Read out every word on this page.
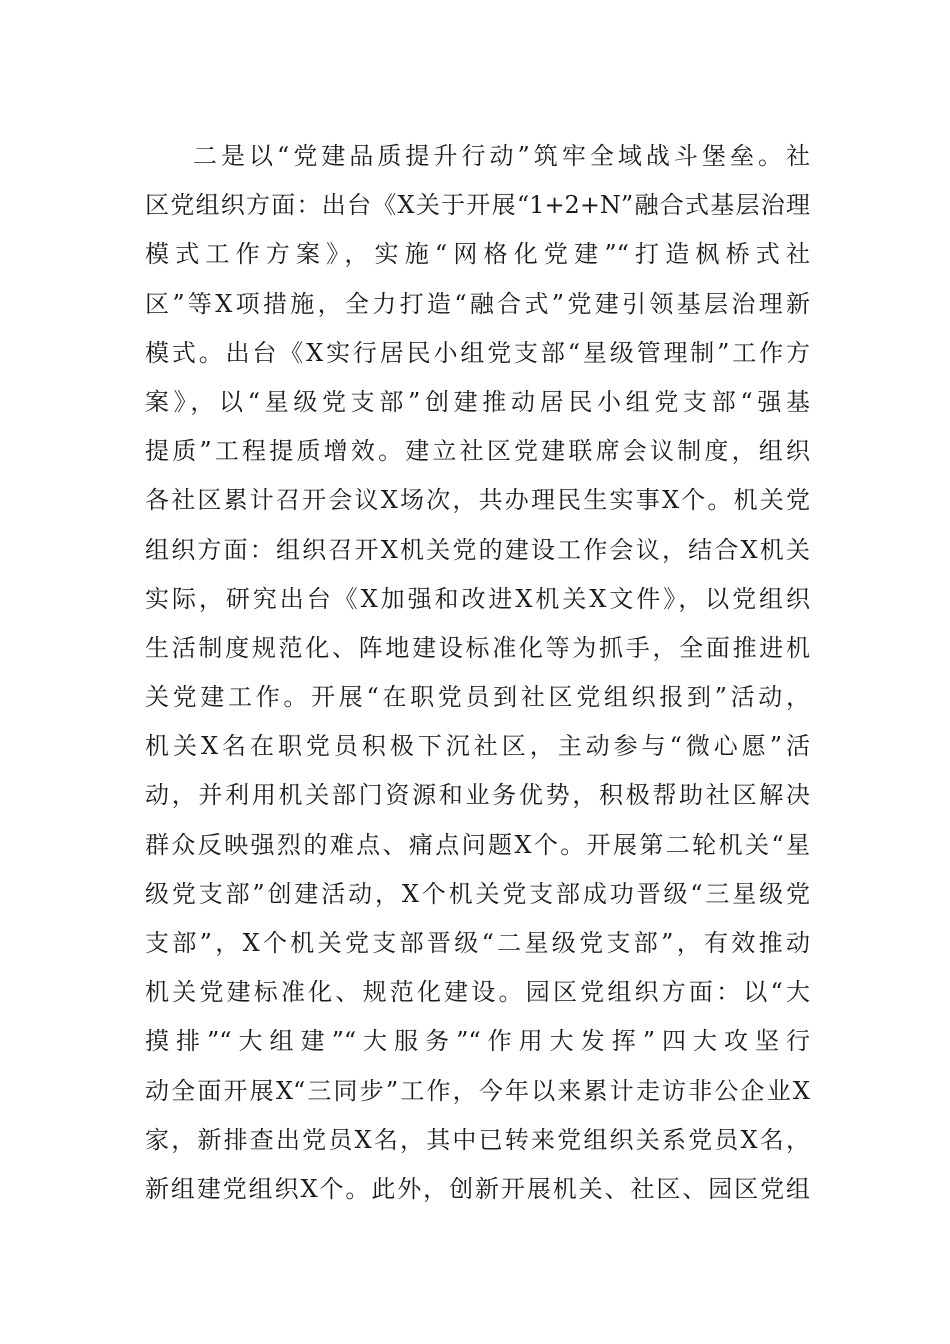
二是以“党建品质提升行动”筑牢全域战斗堡垒。社
区党组织方面：出台《X关于开展“1+2+N”融合式基层治理
模式工作方案》，实施“网格化党建”“打造枫桥式社
区”等X项措施，全力打造“融合式”党建引领基层治理新
模式。出台《X实行居民小组党支部“星级管理制”工作方
案》，以“星级党支部”创建推动居民小组党支部“强基
提质”工程提质增效。建立社区党建联席会议制度，组织
各社区累计召开会议X场次，共办理民生实事X个。机关党
组织方面：组织召开X机关党的建设工作会议，结合X机关
实际，研究出台《X加强和改进X机关X文件》，以党组织
生活制度规范化、阵地建设标准化等为抓手，全面推进机
关党建工作。开展“在职党员到社区党组织报到”活动，
机关X名在职党员积极下沉社区，主动参与“微心愿”活
动，并利用机关部门资源和业务优势，积极帮助社区解决
群众反映强烈的难点、痛点问题X个。开展第二轮机关“星
级党支部”创建活动，X个机关党支部成功晋级“三星级党
支部”，X个机关党支部晋级“二星级党支部”，有效推动
机关党建标准化、规范化建设。园区党组织方面：以“大
摸排”“大组建”“大服务”“作用大发挥”四大攻坚行
动全面开展X“三同步”工作，今年以来累计走访非公企业X
家，新排查出党员X名，其中已转来党组织关系党员X名，
新组建党组织X个。此外，创新开展机关、社区、园区党组
